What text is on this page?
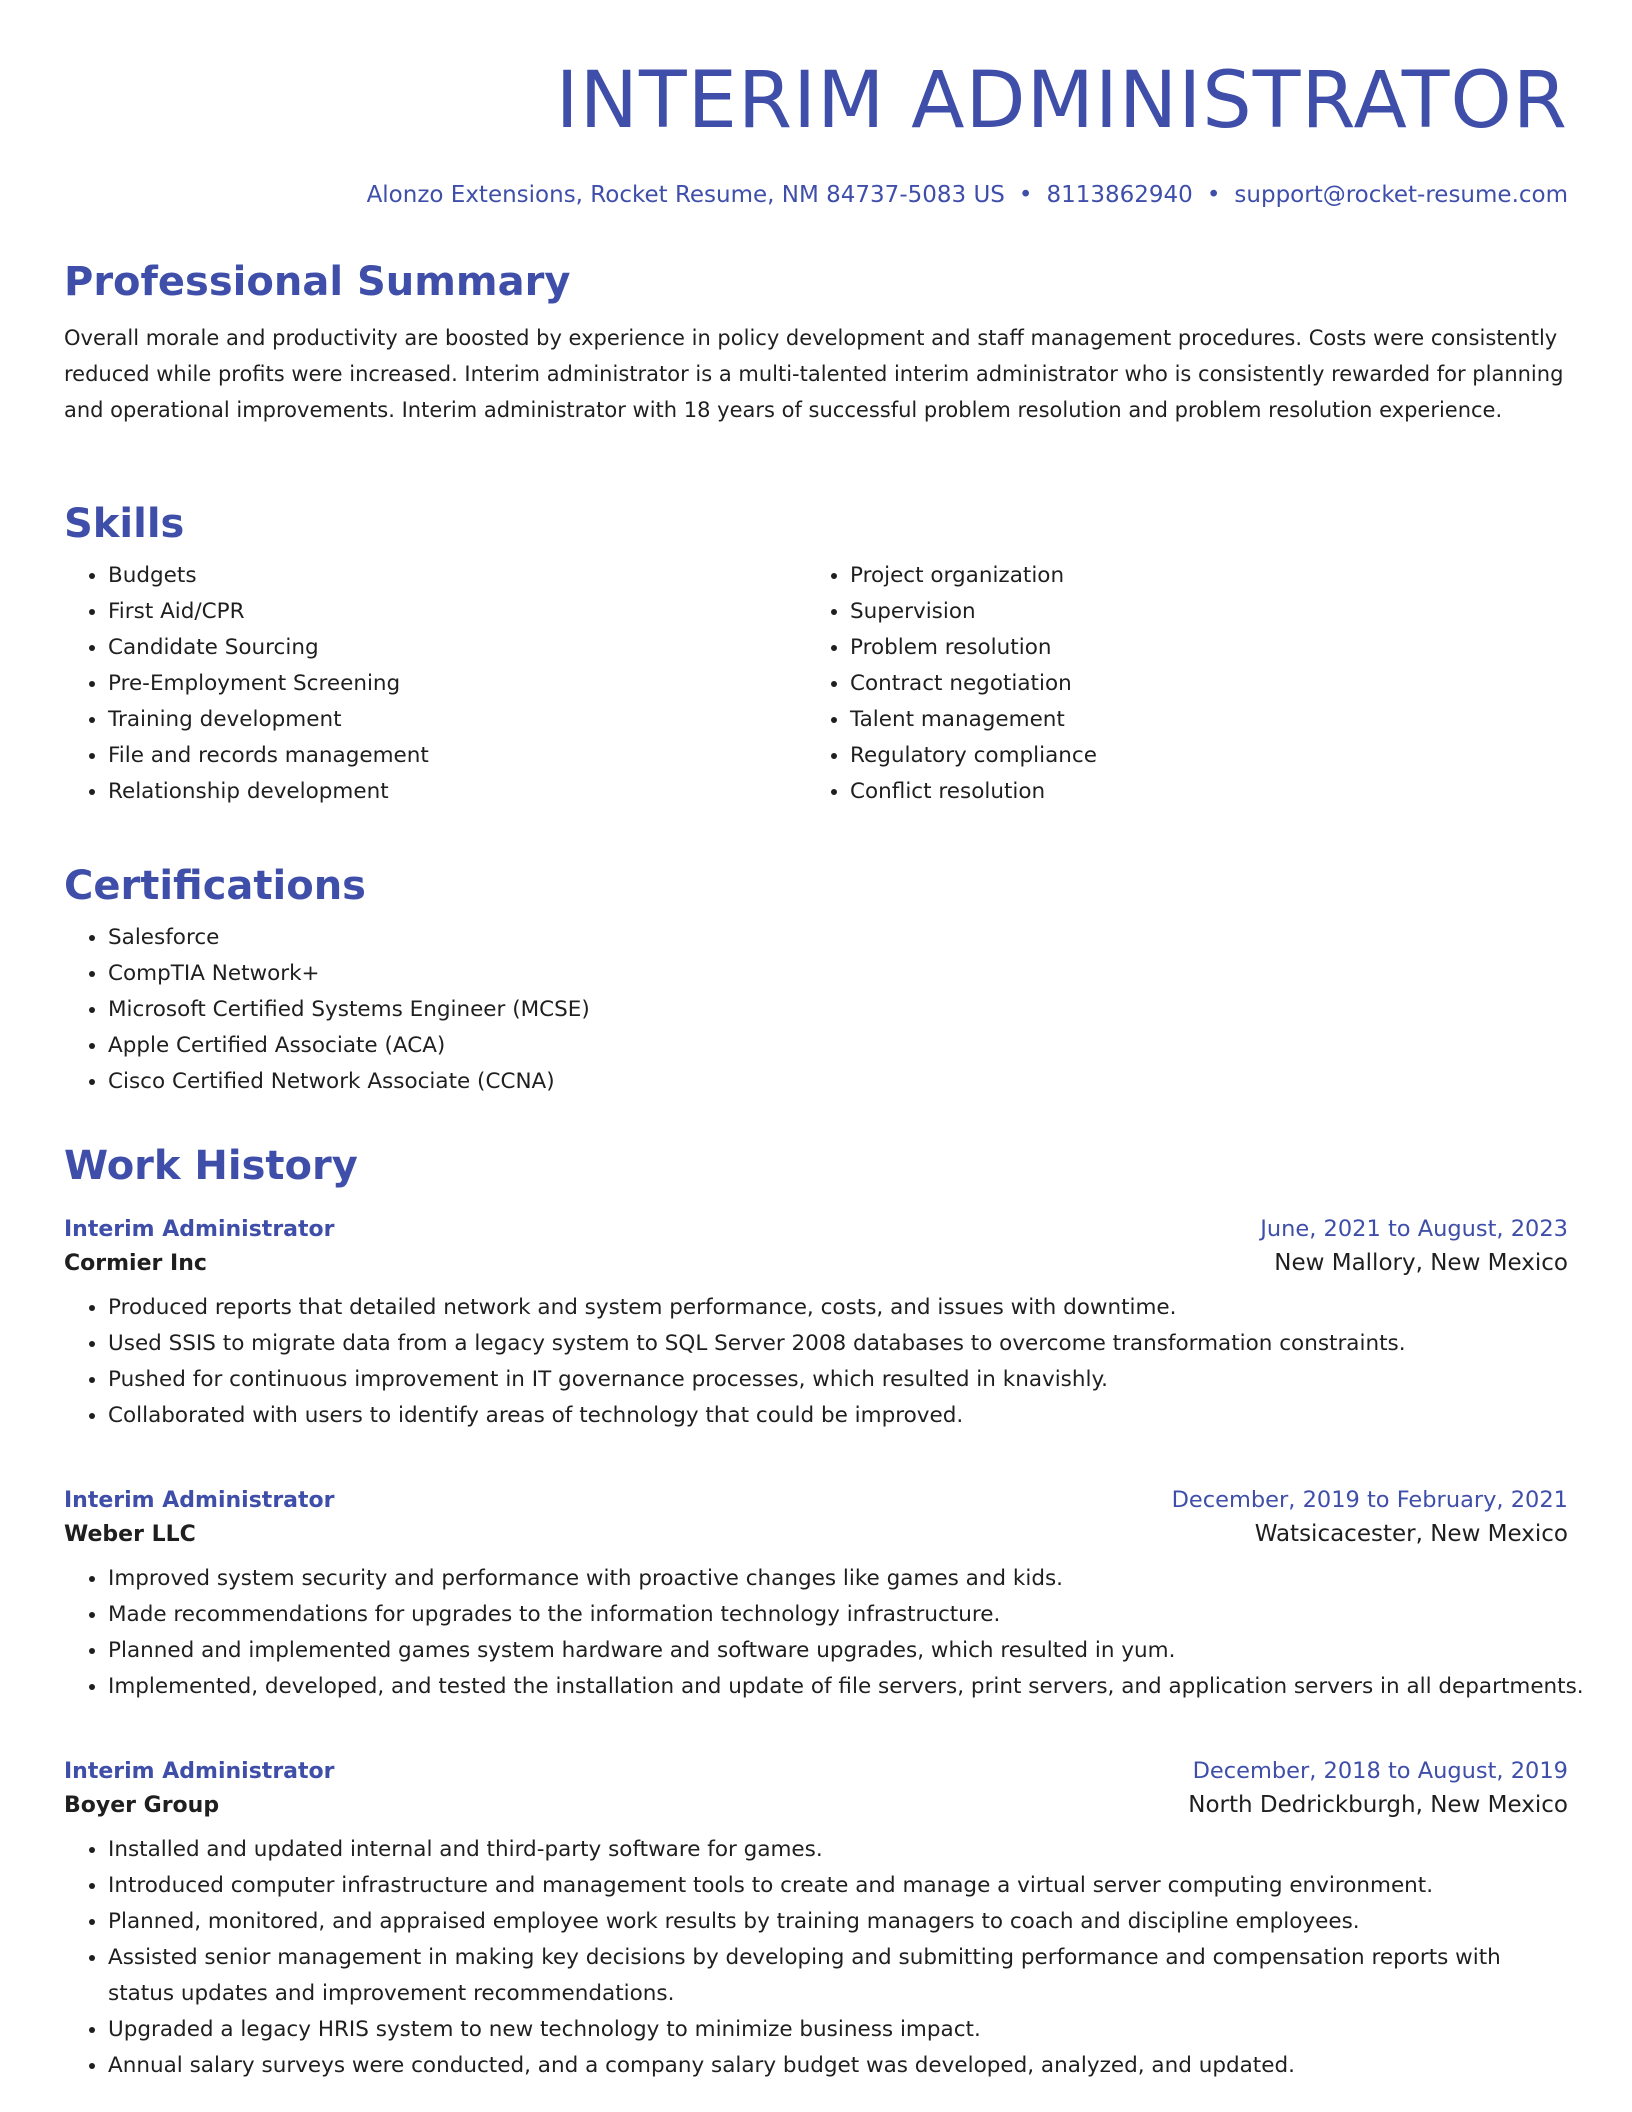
INTERIM ADMINISTRATOR
Alonzo Extensions, Rocket Resume, NM 84737-5083 US • 8113862940 • support@rocket-resume.com
Professional Summary

Overall morale and productivity are boosted by experience in policy development and staff management procedures. Costs were consistently reduced while profits were increased. Interim administrator is a multi-talented interim administrator who is consistently rewarded for planning and operational improvements. Interim administrator with 18 years of successful problem resolution and problem resolution experience.

Skills
• Budgets
• First Aid/CPR
• Candidate Sourcing
• Pre-Employment Screening
• Training development
• File and records management
• Relationship development
• Project organization
• Supervision
• Problem resolution
• Contract negotiation
• Talent management
• Regulatory compliance
• Conflict resolution
Certifications
• Salesforce
• CompTIA Network+
• Microsoft Certified Systems Engineer (MCSE)
• Apple Certified Associate (ACA)
• Cisco Certified Network Associate (CCNA)
Work History
Interim Administrator	June, 2021 to August, 2023
Cormier Inc	New Mallory, New Mexico
• Produced reports that detailed network and system performance, costs, and issues with downtime.
• Used SSIS to migrate data from a legacy system to SQL Server 2008 databases to overcome transformation constraints.
• Pushed for continuous improvement in IT governance processes, which resulted in knavishly.
• Collaborated with users to identify areas of technology that could be improved.
Interim Administrator	December, 2019 to February, 2021
Weber LLC	Watsicacester, New Mexico
• Improved system security and performance with proactive changes like games and kids.
• Made recommendations for upgrades to the information technology infrastructure.
• Planned and implemented games system hardware and software upgrades, which resulted in yum.
• Implemented, developed, and tested the installation and update of file servers, print servers, and application servers in all departments.
Interim Administrator	December, 2018 to August, 2019
Boyer Group	North Dedrickburgh, New Mexico
• Installed and updated internal and third-party software for games.
• Introduced computer infrastructure and management tools to create and manage a virtual server computing environment.
• Planned, monitored, and appraised employee work results by training managers to coach and discipline employees.
• Assisted senior management in making key decisions by developing and submitting performance and compensation reports with status updates and improvement recommendations.
• Upgraded a legacy HRIS system to new technology to minimize business impact.
• Annual salary surveys were conducted, and a company salary budget was developed, analyzed, and updated.
